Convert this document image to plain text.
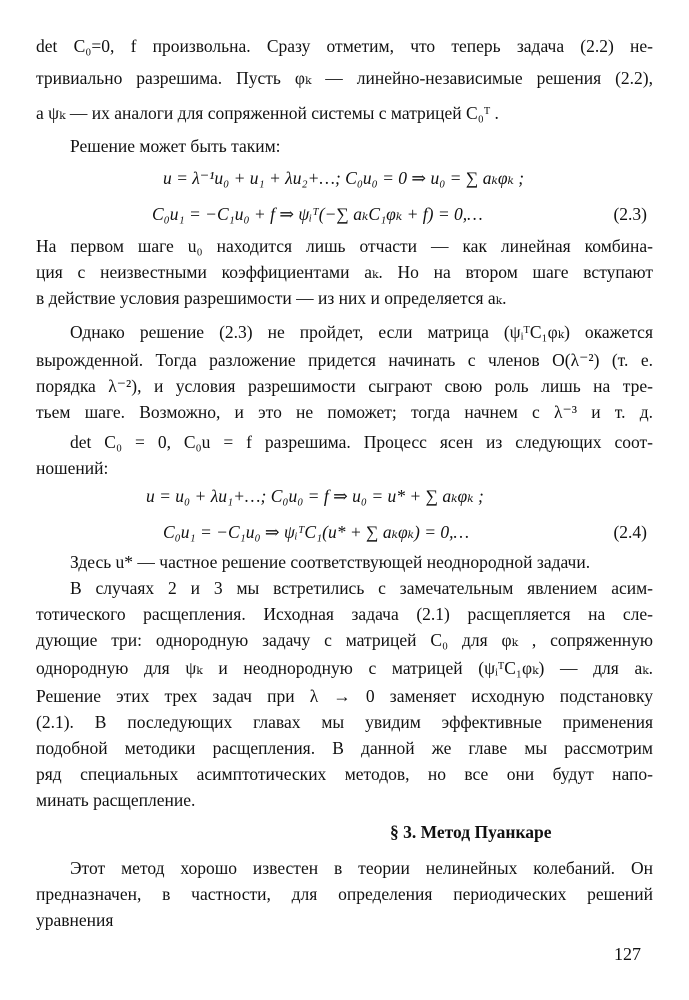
det C₀=0, f произвольна. Сразу отметим, что теперь задача (2.2) не-
тривиально разрешима. Пусть φₖ — линейно-независимые решения (2.2),
а ψₖ — их аналоги для сопряженной системы с матрицей C₀ᵀ .
Решение может быть таким:
u = λ⁻¹u₀ + u₁ + λu₂+…; C₀u₀ = 0 ⇒ u₀ = ∑ aₖφₖ ;
C₀u₁ = −C₁u₀ + f ⇒ ψᵢᵀ(−∑ aₖC₁φₖ + f) = 0,…	(2.3)
На первом шаге u₀ находится лишь отчасти — как линейная комбина-
ция с неизвестными коэффициентами aₖ. Но на втором шаге вступают
в действие условия разрешимости — из них и определяется aₖ.
Однако решение (2.3) не пройдет, если матрица (ψᵢᵀC₁φₖ) окажется
вырожденной. Тогда разложение придется начинать с членов O(λ⁻²) (т. е.
порядка λ⁻²), и условия разрешимости сыграют свою роль лишь на тре-
тьем шаге. Возможно, и это не поможет; тогда начнем с λ⁻³ и т. д.
det C₀ = 0, C₀u = f разрешима. Процесс ясен из следующих соот-
ношений:
u = u₀ + λu₁+…; C₀u₀ = f ⇒ u₀ = u* + ∑ aₖφₖ ;
C₀u₁ = −C₁u₀ ⇒ ψᵢᵀC₁(u* + ∑ aₖφₖ) = 0,…	(2.4)
Здесь u* — частное решение соответствующей неоднородной задачи.
В случаях 2 и 3 мы встретились с замечательным явлением асим-
тотического расщепления. Исходная задача (2.1) расщепляется на сле-
дующие три: однородную задачу с матрицей C₀ для φₖ , сопряженную
однородную для ψₖ и неоднородную с матрицей (ψᵢᵀC₁φₖ) — для aₖ.
Решение этих трех задач при λ → 0 заменяет исходную подстановку
(2.1). В последующих главах мы увидим эффективные применения
подобной методики расщепления. В данной же главе мы рассмотрим
ряд специальных асимптотических методов, но все они будут напо-
минать расщепление.
§ 3. Метод Пуанкаре
Этот метод хорошо известен в теории нелинейных колебаний. Он
предназначен, в частности, для определения периодических решений
уравнения
127
